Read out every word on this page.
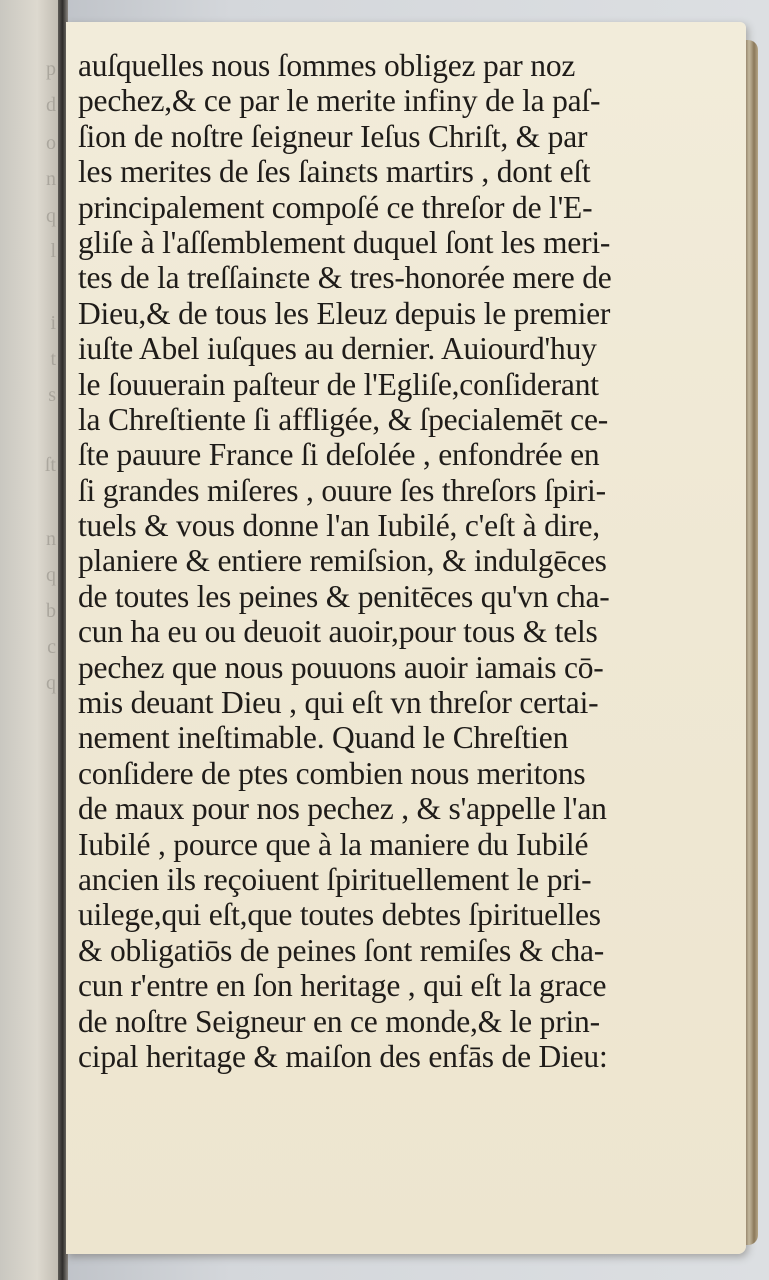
p
d
o
n
q
l
i
t
s
ſt
n
q
b
c
q
auſquelles nous ſommes obligez par noz
pechez,& ce par le merite infiny de la paſ-
ſion de noſtre ſeigneur Ieſus Chriſt, & par
les merites de ſes ſainɛts martirs , dont eſt
principalement compoſé ce threſor de l'E-
gliſe à l'aſſemblement duquel ſont les meri-
tes de la treſſainɛte & tres-honorée mere de
Dieu,& de tous les Eleuz depuis le premier
iuſte Abel iuſques au dernier. Auiourd'huy
le ſouuerain paſteur de l'Egliſe,conſiderant
la Chreſtiente ſi affligée, & ſpecialemēt ce-
ſte pauure France ſi deſolée , enfondrée en
ſi grandes miſeres , ouure ſes threſors ſpiri-
tuels & vous donne l'an Iubilé, c'eſt à dire,
planiere & entiere remiſsion, & indulgēces
de toutes les peines & penitēces qu'vn cha-
cun ha eu ou deuoit auoir,pour tous & tels
pechez que nous pouuons auoir iamais cō-
mis deuant Dieu , qui eſt vn threſor certai-
nement ineſtimable. Quand le Chreſtien
conſidere de ptes combien nous meritons
de maux pour nos pechez , & s'appelle l'an
Iubilé , pource que à la maniere du Iubilé
ancien ils reçoiuent ſpirituellement le pri-
uilege,qui eſt,que toutes debtes ſpirituelles
& obligatiōs de peines ſont remiſes & cha-
cun r'entre en ſon heritage , qui eſt la grace
de noſtre Seigneur en ce monde,& le prin-
cipal heritage & maiſon des enfās de Dieu:
